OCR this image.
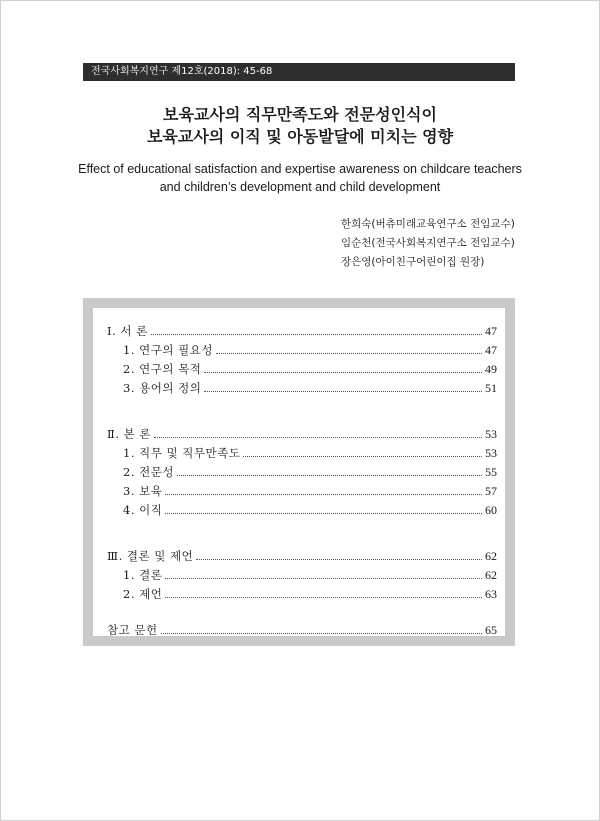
전국사회복지연구 제12호(2018): 45-68
보육교사의 직무만족도와 전문성인식이
보육교사의 이직 및 아동발달에 미치는 영향
Effect of educational satisfaction and expertise awareness on childcare teachers
and children’s development and child development
한희숙(버츄미래교육연구소 전임교수)
임순천(전국사회복지연구소 전임교수)
장은영(아이친구어린이집 원장)
Ⅰ. 서 론	47
1. 연구의 필요성	47
2. 연구의 목적	49
3. 용어의 정의	51
Ⅱ. 본 론	53
1. 직무 및 직무만족도	53
2. 전문성	55
3. 보육	57
4. 이직	60
Ⅲ. 결론 및 제언	62
1. 결론	62
2. 제언	63
참고 문헌	65
